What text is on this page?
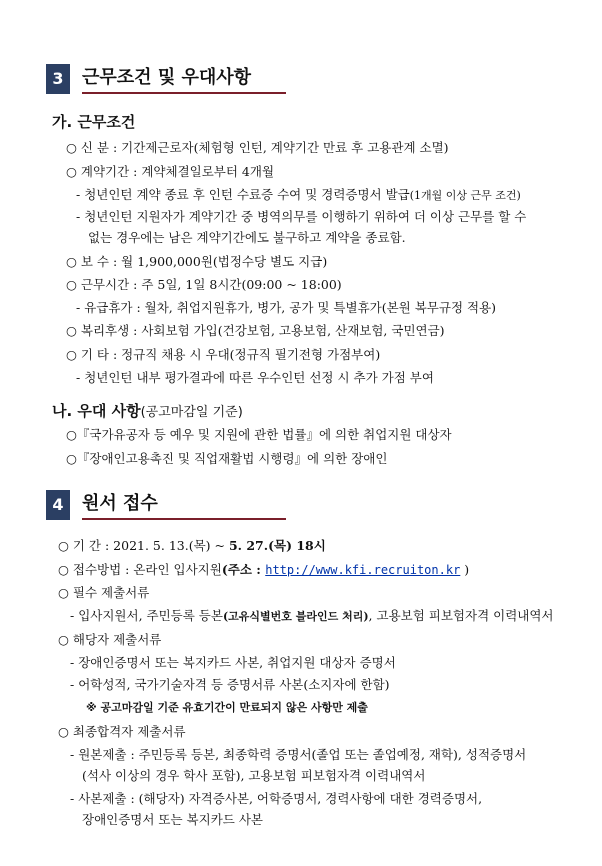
3	근무조건 및 우대사항
가. 근무조건
○ 신 분 : 기간제근로자(체험형 인턴, 계약기간 만료 후 고용관계 소멸)
○ 계약기간 : 계약체결일로부터 4개월
- 청년인턴 계약 종료 후 인턴 수료증 수여 및 경력증명서 발급(1개월 이상 근무 조건)
- 청년인턴 지원자가 계약기간 중 병역의무를 이행하기 위하여 더 이상 근무를 할 수
없는 경우에는 남은 계약기간에도 불구하고 계약을 종료함.
○ 보 수 : 월 1,900,000원(법정수당 별도 지급)
○ 근무시간 : 주 5일, 1일 8시간(09:00 ~ 18:00)
- 유급휴가 : 월차, 취업지원휴가, 병가, 공가 및 특별휴가(본원 복무규정 적용)
○ 복리후생 : 사회보험 가입(건강보험, 고용보험, 산재보험, 국민연금)
○ 기 타 : 정규직 채용 시 우대(정규직 필기전형 가점부여)
- 청년인턴 내부 평가결과에 따른 우수인턴 선정 시 추가 가점 부여
나. 우대 사항(공고마감일 기준)
○『국가유공자 등 예우 및 지원에 관한 법률』에 의한 취업지원 대상자
○『장애인고용촉진 및 직업재활법 시행령』에 의한 장애인
4	원서 접수
○ 기 간 : 2021. 5. 13.(목) ~ 5. 27.(목) 18시
○ 접수방법 : 온라인 입사지원(주소 : http://www.kfi.recruiton.kr )
○ 필수 제출서류
- 입사지원서, 주민등록 등본(고유식별번호 블라인드 처리), 고용보험 피보험자격 이력내역서
○ 해당자 제출서류
- 장애인증명서 또는 복지카드 사본, 취업지원 대상자 증명서
- 어학성적, 국가기술자격 등 증명서류 사본(소지자에 한함)
※ 공고마감일 기준 유효기간이 만료되지 않은 사항만 제출
○ 최종합격자 제출서류
- 원본제출 : 주민등록 등본, 최종학력 증명서(졸업 또는 졸업예정, 재학), 성적증명서
(석사 이상의 경우 학사 포함), 고용보험 피보험자격 이력내역서
- 사본제출 : (해당자) 자격증사본, 어학증명서, 경력사항에 대한 경력증명서,
장애인증명서 또는 복지카드 사본
